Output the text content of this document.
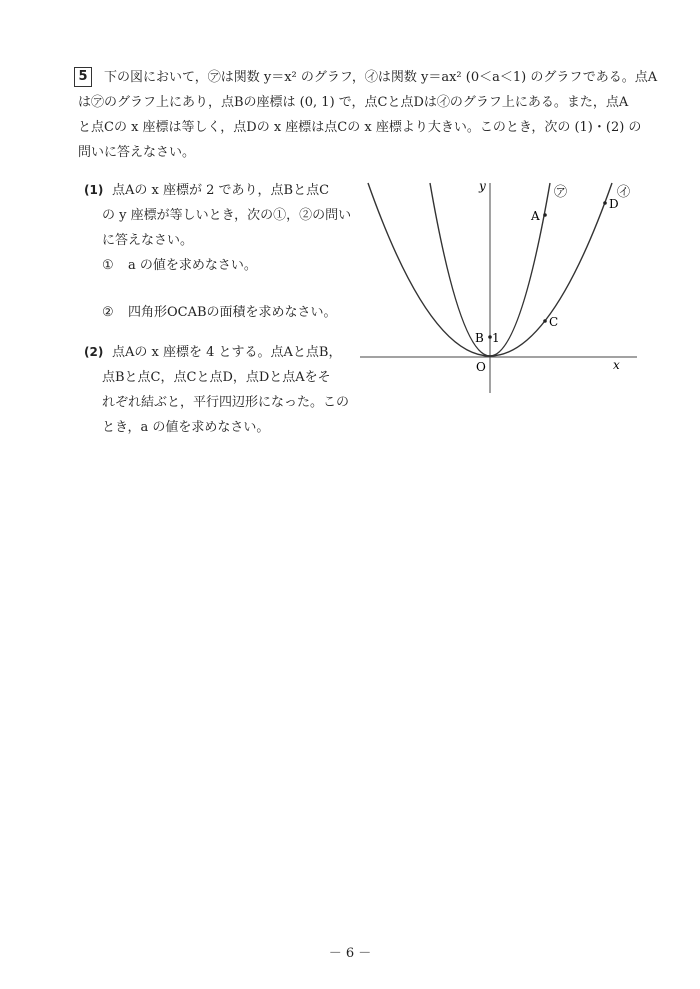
5	下の図において，㋐は関数 y＝x² のグラフ，㋑は関数 y＝ax² (0＜a＜1) のグラフである。点A
は㋐のグラフ上にあり，点Bの座標は (0, 1) で，点Cと点Dは㋑のグラフ上にある。また，点A
と点Cの x 座標は等しく，点Dの x 座標は点Cの x 座標より大きい。このとき，次の (1)・(2) の
問いに答えなさい。
(1) 点Aの x 座標が 2 であり，点Bと点C
の y 座標が等しいとき，次の①，②の問い
に答えなさい。
① a の値を求めなさい。
② 四角形OCABの面積を求めなさい。
(2) 点Aの x 座標を 4 とする。点Aと点B，
点Bと点C，点Cと点D，点Dと点Aをそ
れぞれ結ぶと，平行四辺形になった。この
とき，a の値を求めなさい。
y
x
O
㋐	㋑
A
B 1
C
D
－ 6 －
